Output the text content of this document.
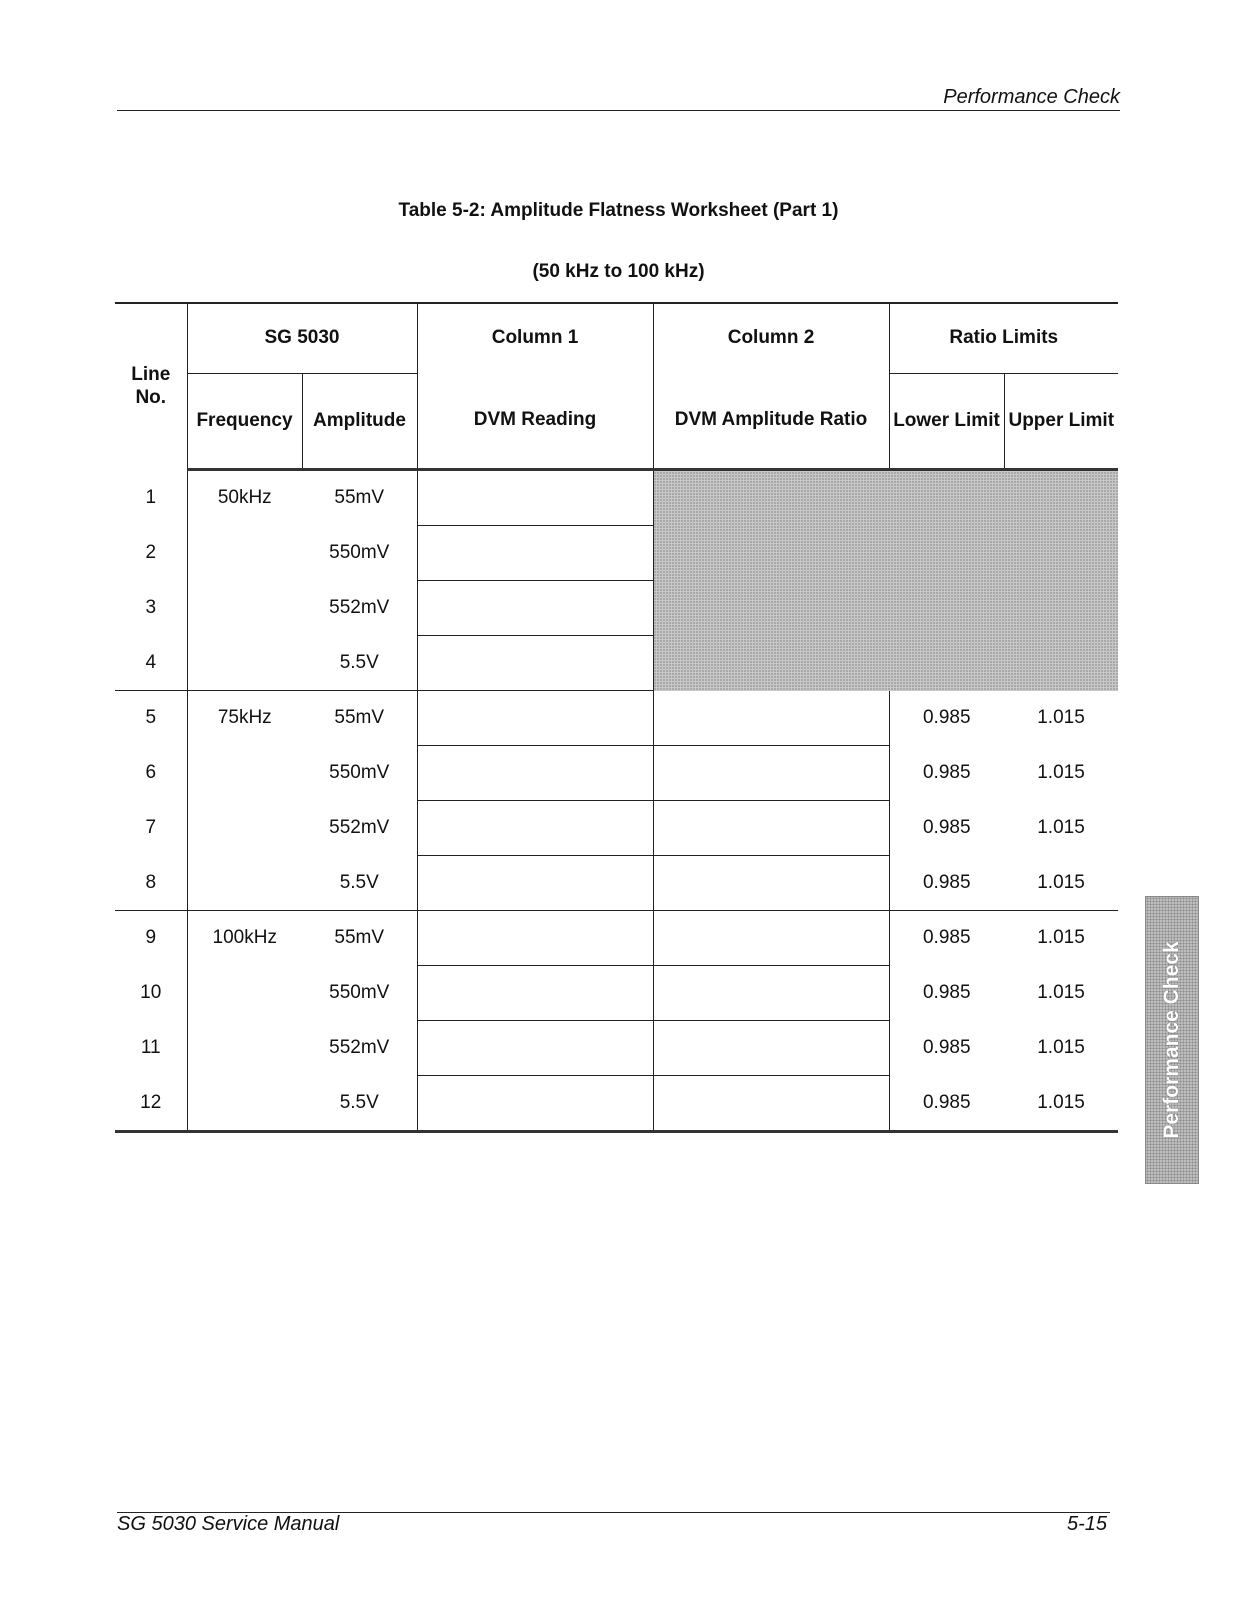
Performance Check
Table 5-2: Amplitude Flatness Worksheet (Part 1)
(50 kHz to 100 kHz)
Line No.	SG 5030		Column 1	Column 2	Ratio Limits	
	Frequency	Amplitude	DVM Reading	DVM Amplitude Ratio	Lower Limit	Upper Limit
1	50kHz	55mV				
2		550mV				
3		552mV				
4		5.5V				
5	75kHz	55mV			0.985	1.015
6		550mV			0.985	1.015
7		552mV			0.985	1.015
8		5.5V			0.985	1.015
9	100kHz	55mV			0.985	1.015
10		550mV			0.985	1.015
11		552mV			0.985	1.015
12		5.5V			0.985	1.015	Performance Check
SG 5030 Service Manual	5-15
